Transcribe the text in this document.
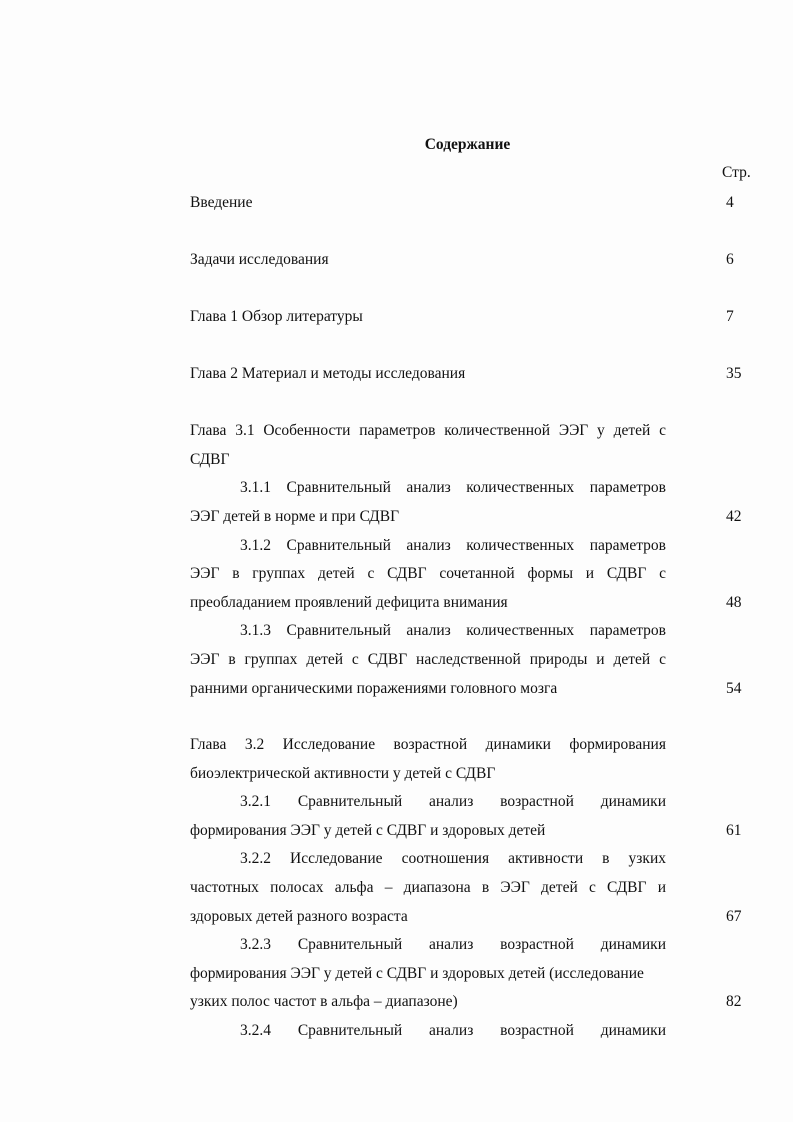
Содержание
Стр.
Введение
Задачи исследования
Глава 1 Обзор литературы
Глава 2 Материал и методы исследования
Глава 3.1 Особенности параметров количественной ЭЭГ у детей с
СДВГ
3.1.1 Сравнительный анализ количественных параметров
ЭЭГ детей в норме и при СДВГ
3.1.2 Сравнительный анализ количественных параметров
ЭЭГ в группах детей с СДВГ сочетанной формы и СДВГ с
преобладанием проявлений дефицита внимания
3.1.3 Сравнительный анализ количественных параметров
ЭЭГ в группах детей с СДВГ наследственной природы и детей с
ранними органическими поражениями головного мозга
Глава 3.2 Исследование возрастной динамики формирования
биоэлектрической активности у детей с СДВГ
3.2.1 Сравнительный анализ возрастной динамики
формирования ЭЭГ у детей с СДВГ и здоровых детей
3.2.2 Исследование соотношения активности в узких
частотных полосах альфа – диапазона в ЭЭГ детей с СДВГ и
здоровых детей разного возраста
3.2.3 Сравнительный анализ возрастной динамики
формирования ЭЭГ у детей с СДВГ и здоровых детей (исследование
узких полос частот в альфа – диапазоне)
3.2.4 Сравнительный анализ возрастной динамики
4
6
7
35
42
48
54
61
67
82
